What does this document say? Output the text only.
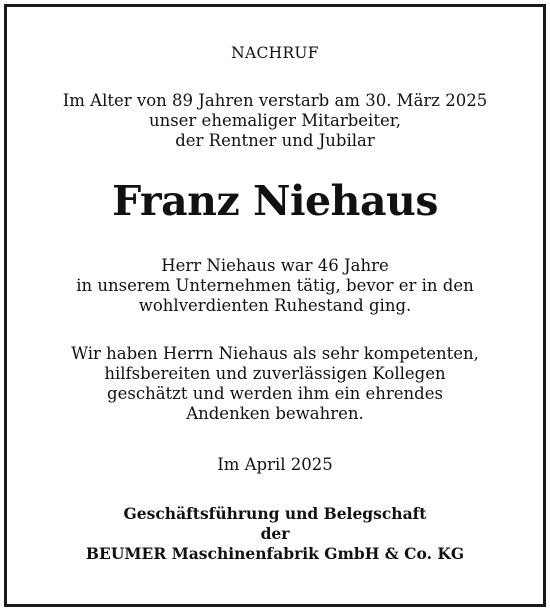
NACHRUF
Im Alter von 89 Jahren verstarb am 30. März 2025
unser ehemaliger Mitarbeiter,
der Rentner und Jubilar
Franz Niehaus
Herr Niehaus war 46 Jahre
in unserem Unternehmen tätig, bevor er in den
wohlverdienten Ruhestand ging.
Wir haben Herrn Niehaus als sehr kompetenten,
hilfsbereiten und zuverlässigen Kollegen
geschätzt und werden ihm ein ehrendes
Andenken bewahren.
Im April 2025
Geschäftsführung und Belegschaft
der
BEUMER Maschinenfabrik GmbH & Co. KG
